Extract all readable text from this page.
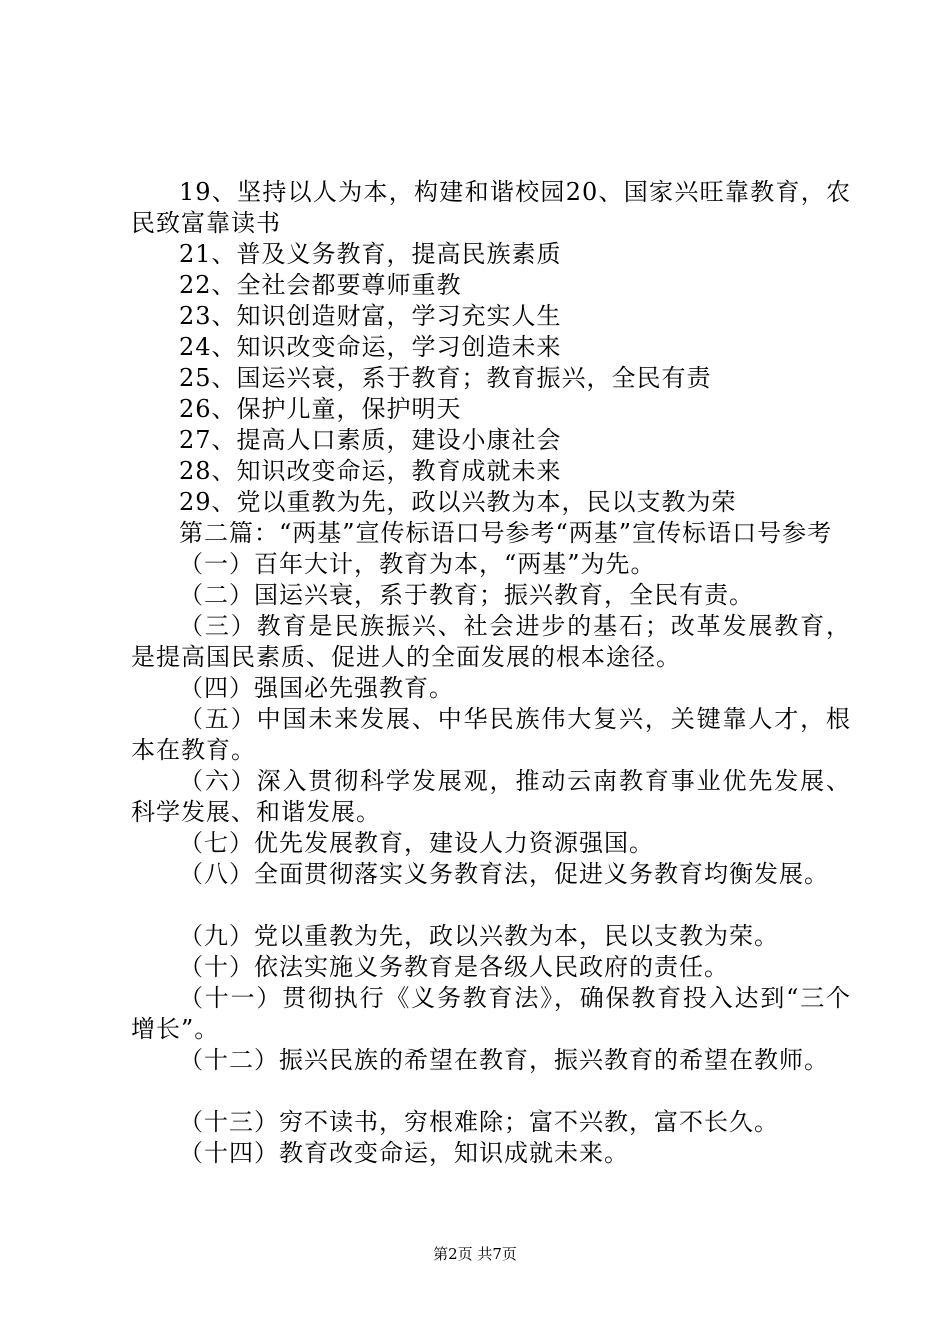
19、坚持以人为本，构建和谐校园20、国家兴旺靠教育，农民致富靠读书

21、普及义务教育，提高民族素质

22、全社会都要尊师重教

23、知识创造财富，学习充实人生

24、知识改变命运，学习创造未来

25、国运兴衰，系于教育；教育振兴，全民有责

26、保护儿童，保护明天

27、提高人口素质，建设小康社会

28、知识改变命运，教育成就未来

29、党以重教为先，政以兴教为本，民以支教为荣

第二篇：“两基”宣传标语口号参考“两基”宣传标语口号参考

（一）百年大计，教育为本，“两基”为先。

（二）国运兴衰，系于教育；振兴教育，全民有责。

（三）教育是民族振兴、社会进步的基石；改革发展教育，是提高国民素质、促进人的全面发展的根本途径。

（四）强国必先强教育。

（五）中国未来发展、中华民族伟大复兴，关键靠人才，根本在教育。

（六）深入贯彻科学发展观，推动云南教育事业优先发展、科学发展、和谐发展。

（七）优先发展教育，建设人力资源强国。

（八）全面贯彻落实义务教育法，促进义务教育均衡发展。

（九）党以重教为先，政以兴教为本，民以支教为荣。

（十）依法实施义务教育是各级人民政府的责任。

（十一）贯彻执行《义务教育法》，确保教育投入达到“三个增长”。

（十二）振兴民族的希望在教育，振兴教育的希望在教师。

（十三）穷不读书，穷根难除；富不兴教，富不长久。

（十四）教育改变命运，知识成就未来。

第2页 共7页
